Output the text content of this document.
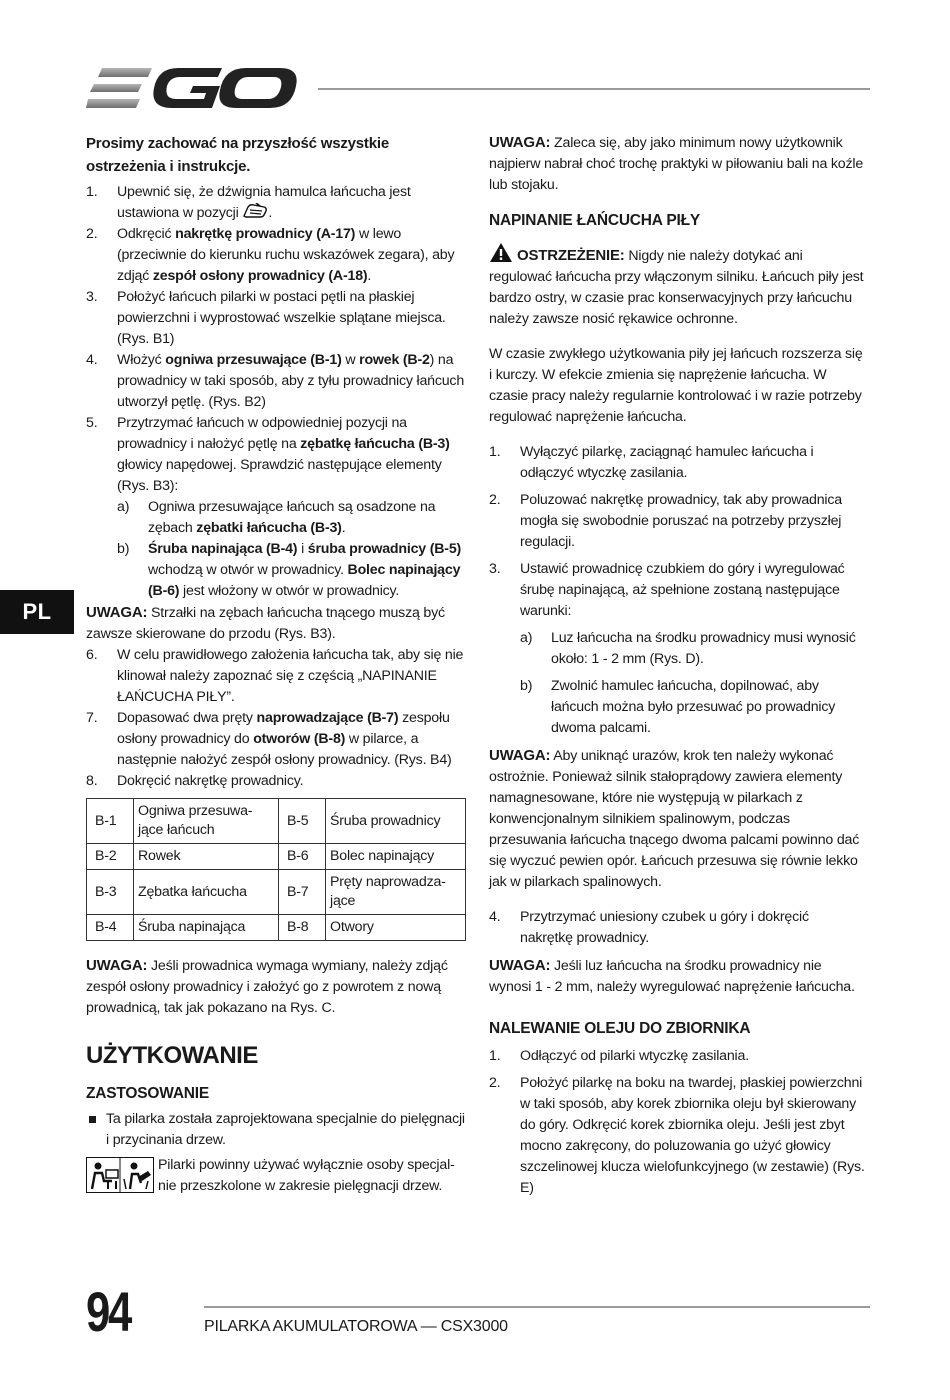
PL

Prosimy zachować na przyszłość wszystkie ostrzeżenia i instrukcje.

1. Upewnić się, że dźwignia hamulca łańcucha jest ustawiona w pozycji .
2. Odkręcić nakrętkę prowadnicy (A-17) w lewo (przeciwnie do kierunku ruchu wskazówek zegara), aby zdjąć zespół osłony prowadnicy (A-18).
3. Położyć łańcuch pilarki w postaci pętli na płaskiej powierzchni i wyprostować wszelkie splątane miejsca. (Rys. B1)
4. Włożyć ogniwa przesuwające (B-1) w rowek (B-2) na prowadnicy w taki sposób, aby z tyłu prowadnicy łańcuch utworzył pętlę. (Rys. B2)
5. Przytrzymać łańcuch w odpowiedniej pozycji na prowadnicy i nałożyć pętlę na zębatkę łańcucha (B-3) głowicy napędowej. Sprawdzić następujące elementy (Rys. B3):
a) Ogniwa przesuwające łańcuch są osadzone na zębach zębatki łańcucha (B-3).
b) Śruba napinająca (B-4) i śruba prowadnicy (B-5) wchodzą w otwór w prowadnicy. Bolec napinający (B-6) jest włożony w otwór w prowadnicy.

UWAGA: Strzałki na zębach łańcucha tnącego muszą być zawsze skierowane do przodu (Rys. B3).

6. W celu prawidłowego założenia łańcucha tak, aby się nie klinował należy zapoznać się z częścią „NAPINANIE ŁAŃCUCHA PIŁY”.
7. Dopasować dwa pręty naprowadzające (B-7) zespołu osłony prowadnicy do otworów (B-8) w pilarce, a następnie nałożyć zespół osłony prowadnicy. (Rys. B4)
8. Dokręcić nakrętkę prowadnicy.
B-1	Ogniwa przesuwa-jące łańcuch	B-5	Śruba prowadnicy
B-2	Rowek	B-6	Bolec napinający
B-3	Zębatka łańcucha	B-7	Pręty naprowadza-jące
B-4	Śruba napinająca	B-8	Otwory

UWAGA: Jeśli prowadnica wymaga wymiany, należy zdjąć zespół osłony prowadnicy i założyć go z powrotem z nową prowadnicą, tak jak pokazano na Rys. C.

UŻYTKOWANIE
ZASTOSOWANIE
Ta pilarka została zaprojektowana specjalnie do pielęgnacji i przycinania drzew.
Pilarki powinny używać wyłącznie osoby specjal-nie przeszkolone w zakresie pielęgnacji drzew.

UWAGA: Zaleca się, aby jako minimum nowy użytkownik najpierw nabrał choć trochę praktyki w piłowaniu bali na koźle lub stojaku.

NAPINANIE ŁAŃCUCHA PIŁY

OSTRZEŻENIE: Nigdy nie należy dotykać ani regulować łańcucha przy włączonym silniku. Łańcuch piły jest bardzo ostry, w czasie prac konserwacyjnych przy łańcuchu należy zawsze nosić rękawice ochronne.

W czasie zwykłego użytkowania piły jej łańcuch rozszerza się i kurczy. W efekcie zmienia się naprężenie łańcucha. W czasie pracy należy regularnie kontrolować i w razie potrzeby regulować naprężenie łańcucha.

1. Wyłączyć pilarkę, zaciągnąć hamulec łańcucha i odłączyć wtyczkę zasilania.
2. Poluzować nakrętkę prowadnicy, tak aby prowadnica mogła się swobodnie poruszać na potrzeby przyszłej regulacji.
3. Ustawić prowadnicę czubkiem do góry i wyregulować śrubę napinającą, aż spełnione zostaną następujące warunki:
a) Luz łańcucha na środku prowadnicy musi wynosić około: 1 - 2 mm (Rys. D).
b) Zwolnić hamulec łańcucha, dopilnować, aby łańcuch można było przesuwać po prowadnicy dwoma palcami.

UWAGA: Aby uniknąć urazów, krok ten należy wykonać ostrożnie. Ponieważ silnik stałoprądowy zawiera elementy namagnesowane, które nie występują w pilarkach z konwencjonalnym silnikiem spalinowym, podczas przesuwania łańcucha tnącego dwoma palcami powinno dać się wyczuć pewien opór. Łańcuch przesuwa się równie lekko jak w pilarkach spalinowych.

4. Przytrzymać uniesiony czubek u góry i dokręcić nakrętkę prowadnicy.

UWAGA: Jeśli luz łańcucha na środku prowadnicy nie wynosi 1 - 2 mm, należy wyregulować naprężenie łańcucha.

NALEWANIE OLEJU DO ZBIORNIKA
1. Odłączyć od pilarki wtyczkę zasilania.
2. Położyć pilarkę na boku na twardej, płaskiej powierzchni w taki sposób, aby korek zbiornika oleju był skierowany do góry. Odkręcić korek zbiornika oleju. Jeśli jest zbyt mocno zakręcony, do poluzowania go użyć głowicy szczelinowej klucza wielofunkcyjnego (w zestawie) (Rys. E)
94	PILARKA AKUMULATOROWA — CSX3000
